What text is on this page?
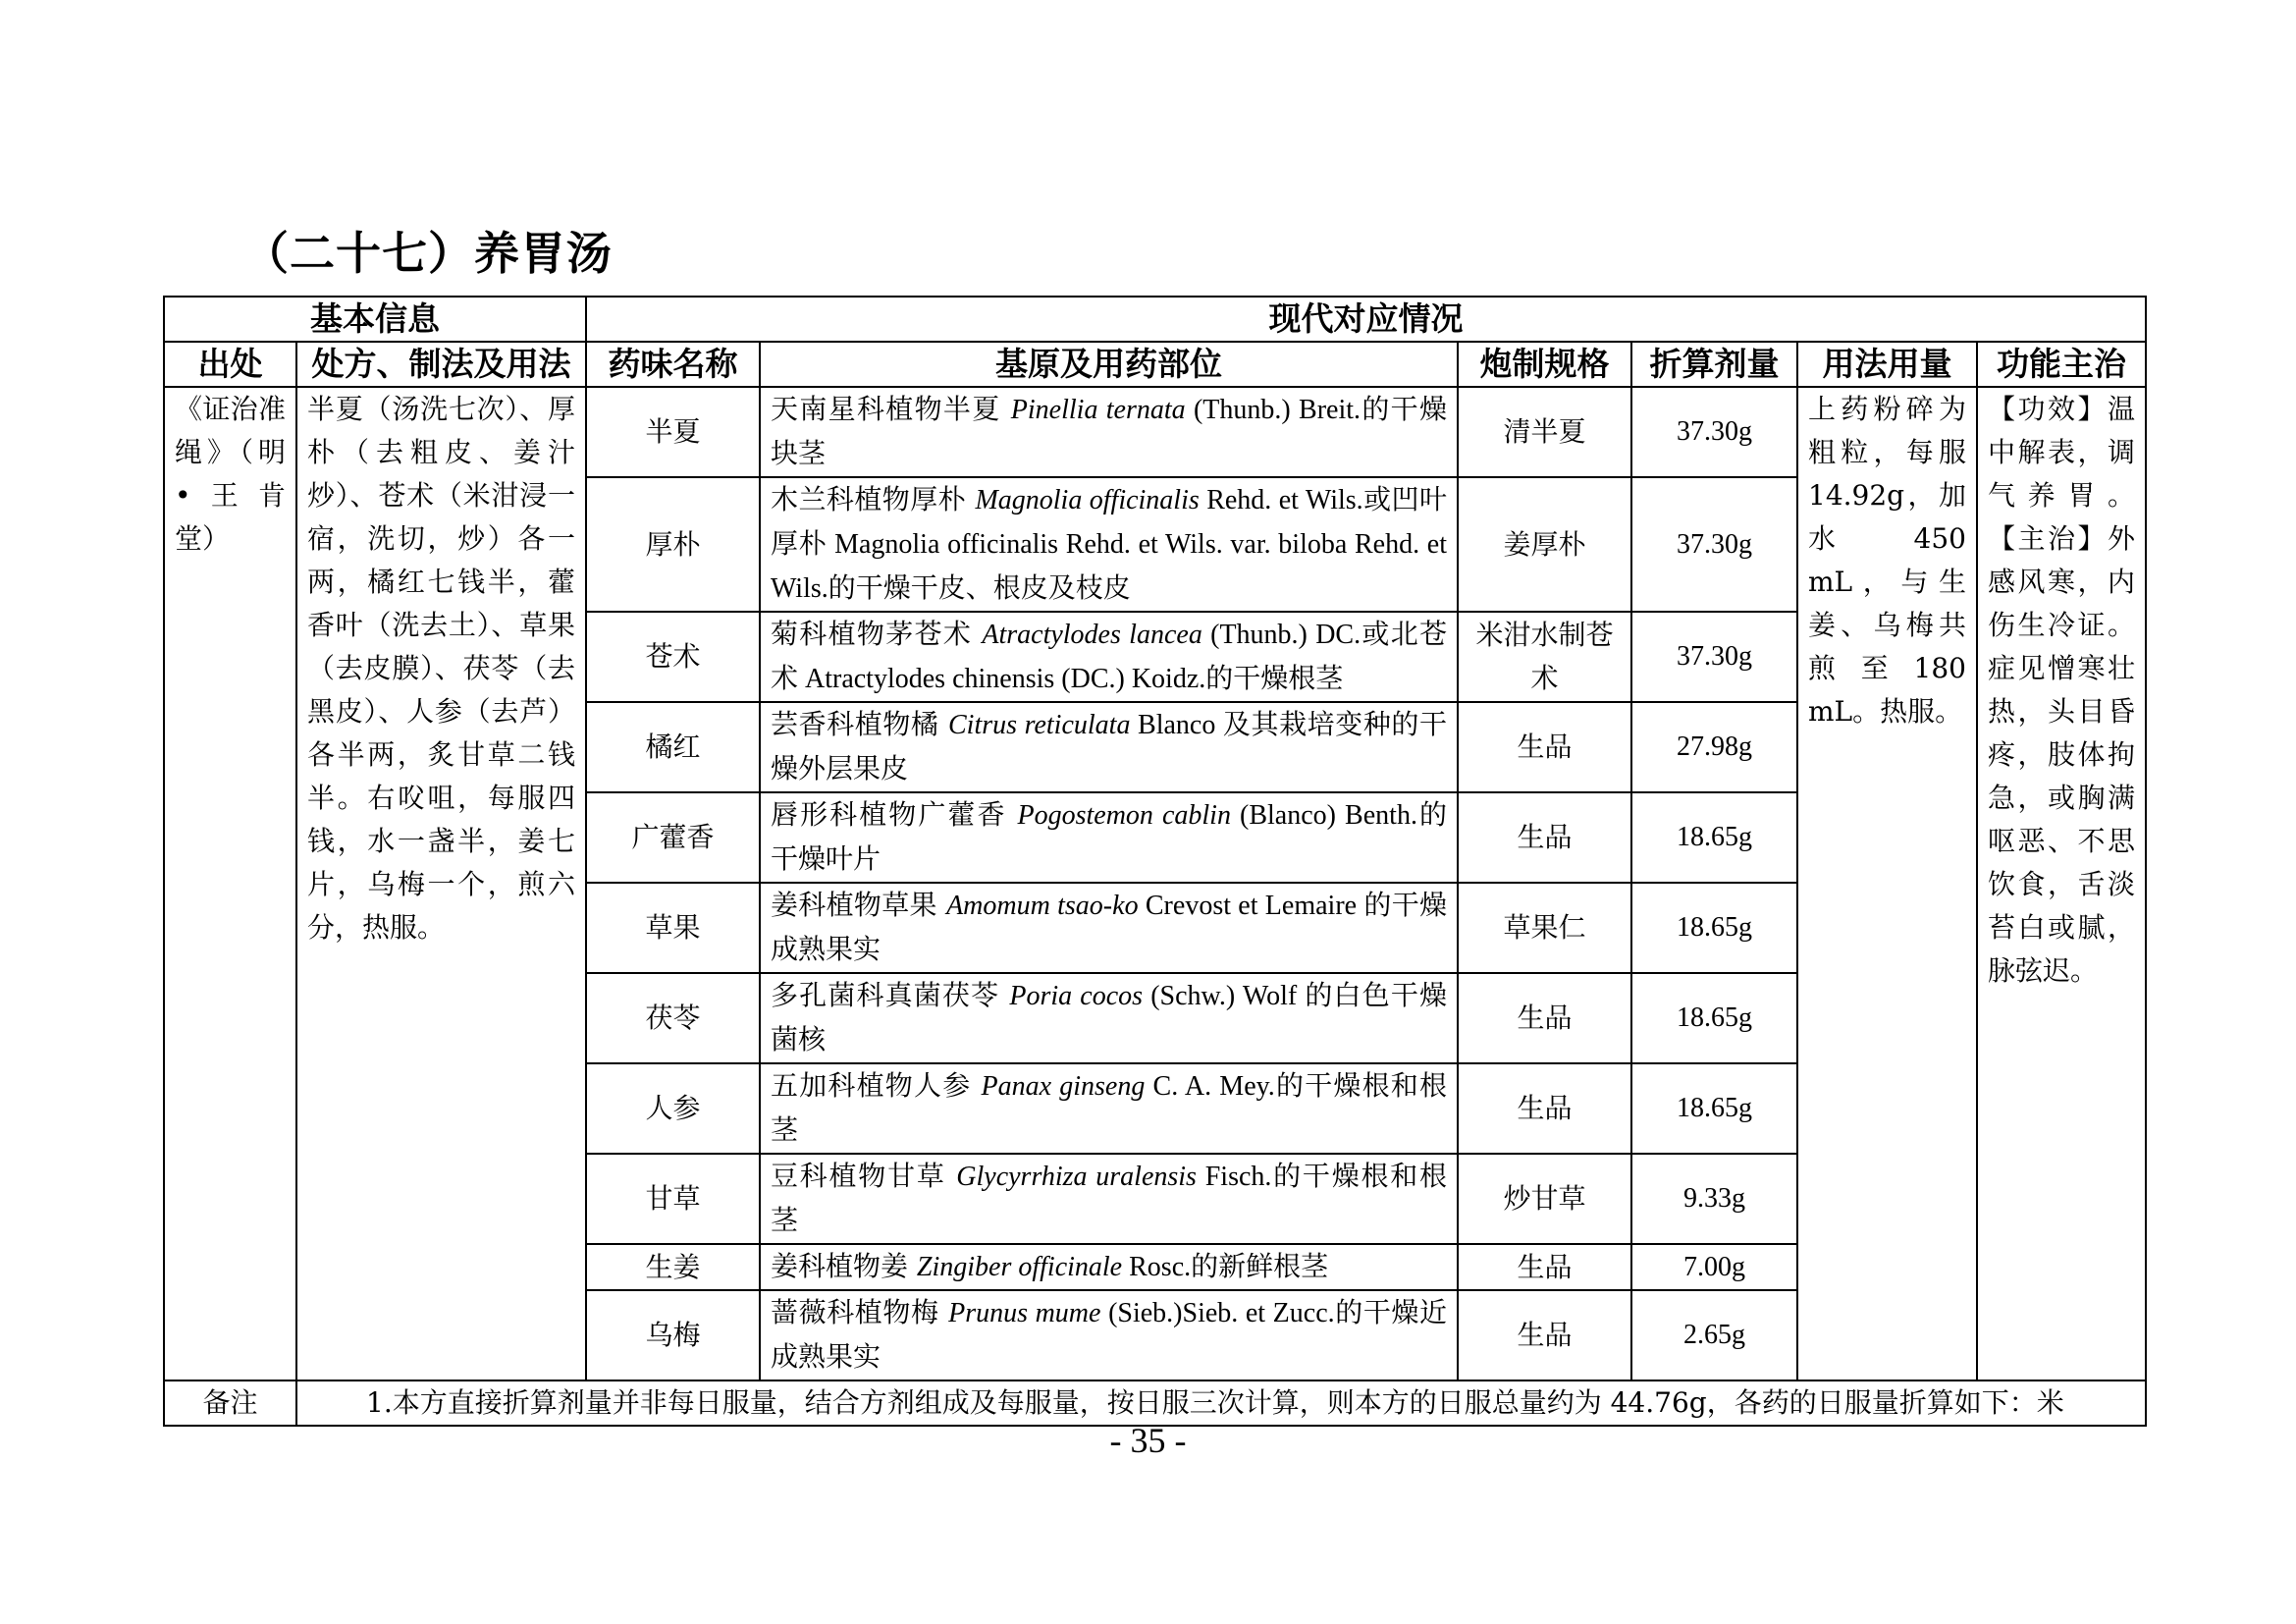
（二十七）养胃汤
基本信息		现代对应情况					
出处	处方、制法及用法	药味名称	基原及用药部位	炮制规格	折算剂量	用法用量	功能主治
《证治准绳》（明•王肯堂）	半夏（汤洗七次）、厚朴（去粗皮、姜汁炒）、苍术（米泔浸一宿，洗切，炒）各一两，橘红七钱半，藿香叶（洗去土）、草果（去皮膜）、茯苓（去黑皮）、人参（去芦）各半两，炙甘草二钱半。右㕮咀，每服四钱，水一盏半，姜七片，乌梅一个，煎六分，热服。	半夏	天南星科植物半夏 Pinellia ternata (Thunb.) Breit.的干燥块茎	清半夏	37.30g	上药粉碎为粗粒，每服14.92g，加水450 mL，与生姜、乌梅共煎至180 mL。热服。	【功效】温中解表，调气养胃。【主治】外感风寒，内伤生冷证。症见憎寒壮热，头目昏疼，肢体拘急，或胸满呕恶、不思饮食，舌淡苔白或腻，脉弦迟。
		厚朴	木兰科植物厚朴 Magnolia officinalis Rehd. et Wils.或凹叶厚朴 Magnolia officinalis Rehd. et Wils. var. biloba Rehd. et Wils.的干燥干皮、根皮及枝皮	姜厚朴	37.30g		
		苍术	菊科植物茅苍术 Atractylodes lancea (Thunb.) DC.或北苍术 Atractylodes chinensis (DC.) Koidz.的干燥根茎	米泔水制苍术	37.30g		
		橘红	芸香科植物橘 Citrus reticulata Blanco 及其栽培变种的干燥外层果皮	生品	27.98g		
		广藿香	唇形科植物广藿香 Pogostemon cablin (Blanco) Benth.的干燥叶片	生品	18.65g		
		草果	姜科植物草果 Amomum tsao-ko Crevost et Lemaire 的干燥成熟果实	草果仁	18.65g		
		茯苓	多孔菌科真菌茯苓 Poria cocos (Schw.) Wolf 的白色干燥菌核	生品	18.65g		
		人参	五加科植物人参 Panax ginseng C. A. Mey.的干燥根和根茎	生品	18.65g		
		甘草	豆科植物甘草 Glycyrrhiza uralensis Fisch.的干燥根和根茎	炒甘草	9.33g		
		生姜	姜科植物姜 Zingiber officinale Rosc.的新鲜根茎	生品	7.00g		
		乌梅	蔷薇科植物梅 Prunus mume (Sieb.)Sieb. et Zucc.的干燥近成熟果实	生品	2.65g		
备注	1.本方直接折算剂量并非每日服量，结合方剂组成及每服量，按日服三次计算，则本方的日服总量约为 44.76g，各药的日服量折算如下：米						
- 35 -
